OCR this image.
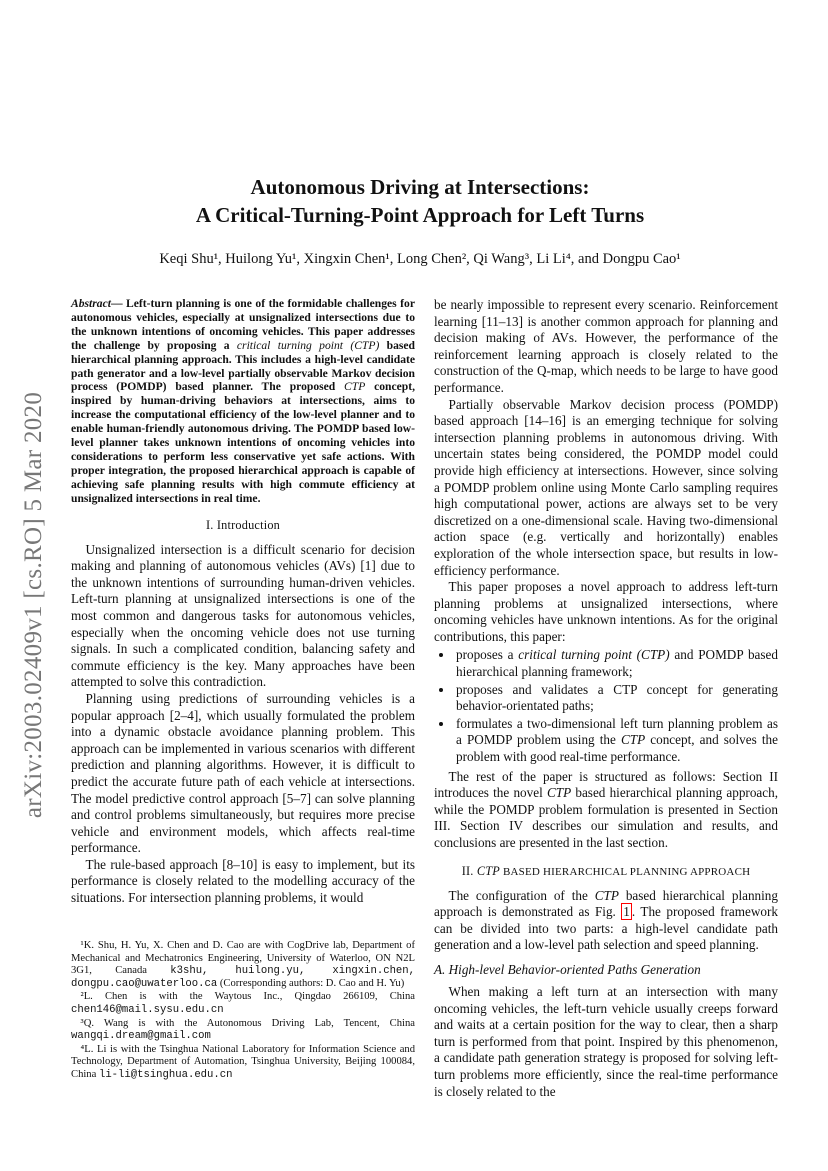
arXiv:2003.02409v1 [cs.RO] 5 Mar 2020
Autonomous Driving at Intersections:
A Critical-Turning-Point Approach for Left Turns
Keqi Shu¹, Huilong Yu¹, Xingxin Chen¹, Long Chen², Qi Wang³, Li Li⁴, and Dongpu Cao¹

Abstract— Left-turn planning is one of the formidable challenges for autonomous vehicles, especially at unsignalized intersections due to the unknown intentions of oncoming vehicles. This paper addresses the challenge by proposing a critical turning point (CTP) based hierarchical planning approach. This includes a high-level candidate path generator and a low-level partially observable Markov decision process (POMDP) based planner. The proposed CTP concept, inspired by human-driving behaviors at intersections, aims to increase the computational efficiency of the low-level planner and to enable human-friendly autonomous driving. The POMDP based low-level planner takes unknown intentions of oncoming vehicles into considerations to perform less conservative yet safe actions. With proper integration, the proposed hierarchical approach is capable of achieving safe planning results with high commute efficiency at unsignalized intersections in real time.

I. Introduction

Unsignalized intersection is a difficult scenario for decision making and planning of autonomous vehicles (AVs) [1] due to the unknown intentions of surrounding human-driven vehicles. Left-turn planning at unsignalized intersections is one of the most common and dangerous tasks for autonomous vehicles, especially when the oncoming vehicle does not use turning signals. In such a complicated condition, balancing safety and commute efficiency is the key. Many approaches have been attempted to solve this contradiction.

Planning using predictions of surrounding vehicles is a popular approach [2–4], which usually formulated the problem into a dynamic obstacle avoidance planning problem. This approach can be implemented in various scenarios with different prediction and planning algorithms. However, it is difficult to predict the accurate future path of each vehicle at intersections. The model predictive control approach [5–7] can solve planning and control problems simultaneously, but requires more precise vehicle and environment models, which affects real-time performance.

The rule-based approach [8–10] is easy to implement, but its performance is closely related to the modelling accuracy of the situations. For intersection planning problems, it would

¹K. Shu, H. Yu, X. Chen and D. Cao are with CogDrive lab, Department of Mechanical and Mechatronics Engineering, University of Waterloo, ON N2L 3G1, Canada k3shu, huilong.yu, xingxin.chen, dongpu.cao@uwaterloo.ca (Corresponding authors: D. Cao and H. Yu)

²L. Chen is with the Waytous Inc., Qingdao 266109, China chen146@mail.sysu.edu.cn

³Q. Wang is with the Autonomous Driving Lab, Tencent, China wangqi.dream@gmail.com

⁴L. Li is with the Tsinghua National Laboratory for Information Science and Technology, Department of Automation, Tsinghua University, Beijing 100084, China li-li@tsinghua.edu.cn

be nearly impossible to represent every scenario. Reinforcement learning [11–13] is another common approach for planning and decision making of AVs. However, the performance of the reinforcement learning approach is closely related to the construction of the Q-map, which needs to be large to have good performance.

Partially observable Markov decision process (POMDP) based approach [14–16] is an emerging technique for solving intersection planning problems in autonomous driving. With uncertain states being considered, the POMDP model could provide high efficiency at intersections. However, since solving a POMDP problem online using Monte Carlo sampling requires high computational power, actions are always set to be very discretized on a one-dimensional scale. Having two-dimensional action space (e.g. vertically and horizontally) enables exploration of the whole intersection space, but results in low-efficiency performance.

This paper proposes a novel approach to address left-turn planning problems at unsignalized intersections, where oncoming vehicles have unknown intentions. As for the original contributions, this paper:

• proposes a critical turning point (CTP) and POMDP based hierarchical planning framework;
• proposes and validates a CTP concept for generating behavior-orientated paths;
• formulates a two-dimensional left turn planning problem as a POMDP problem using the CTP concept, and solves the problem with good real-time performance.

The rest of the paper is structured as follows: Section II introduces the novel CTP based hierarchical planning approach, while the POMDP problem formulation is presented in Section III. Section IV describes our simulation and results, and conclusions are presented in the last section.

II. CTP BASED HIERARCHICAL PLANNING APPROACH

The configuration of the CTP based hierarchical planning approach is demonstrated as Fig. 1 . The proposed framework can be divided into two parts: a high-level candidate path generation and a low-level path selection and speed planning.

A. High-level Behavior-oriented Paths Generation

When making a left turn at an intersection with many oncoming vehicles, the left-turn vehicle usually creeps forward and waits at a certain position for the way to clear, then a sharp turn is performed from that point. Inspired by this phenomenon, a candidate path generation strategy is proposed for solving left-turn problems more efficiently, since the real-time performance is closely related to the
